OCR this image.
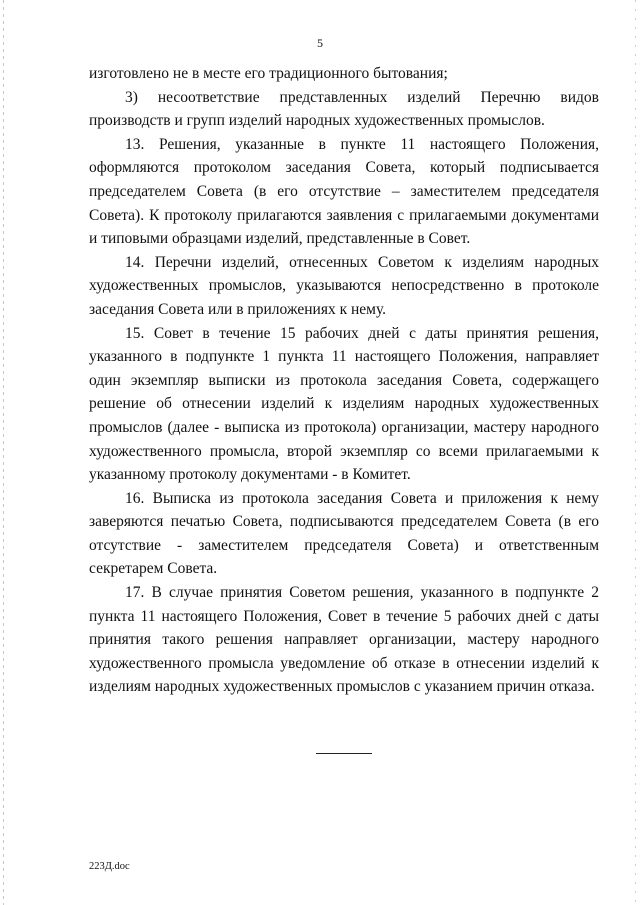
5

изготовлено не в месте его традиционного бытования;

3) несоответствие представленных изделий Перечню видов производств и групп изделий народных художественных промыслов.

13. Решения, указанные в пункте 11 настоящего Положения, оформляются протоколом заседания Совета, который подписывается председателем Совета (в его отсутствие – заместителем председателя Совета). К протоколу прилагаются заявления с прилагаемыми документами и типовыми образцами изделий, представленные в Совет.

14. Перечни изделий, отнесенных Советом к изделиям народных художественных промыслов, указываются непосредственно в протоколе заседания Совета или в приложениях к нему.

15. Совет в течение 15 рабочих дней с даты принятия решения, указанного в подпункте 1 пункта 11 настоящего Положения, направляет один экземпляр выписки из протокола заседания Совета, содержащего решение об отнесении изделий к изделиям народных художественных промыслов (далее - выписка из протокола) организации, мастеру народного художественного промысла, второй экземпляр со всеми прилагаемыми к указанному протоколу документами - в Комитет.

16. Выписка из протокола заседания Совета и приложения к нему заверяются печатью Совета, подписываются председателем Совета (в его отсутствие - заместителем председателя Совета) и ответственным секретарем Совета.

17. В случае принятия Советом решения, указанного в подпункте 2 пункта 11 настоящего Положения, Совет в течение 5 рабочих дней с даты принятия такого решения направляет организации, мастеру народного художественного промысла уведомление об отказе в отнесении изделий к изделиям народных художественных промыслов с указанием причин отказа.

223Д.doc
